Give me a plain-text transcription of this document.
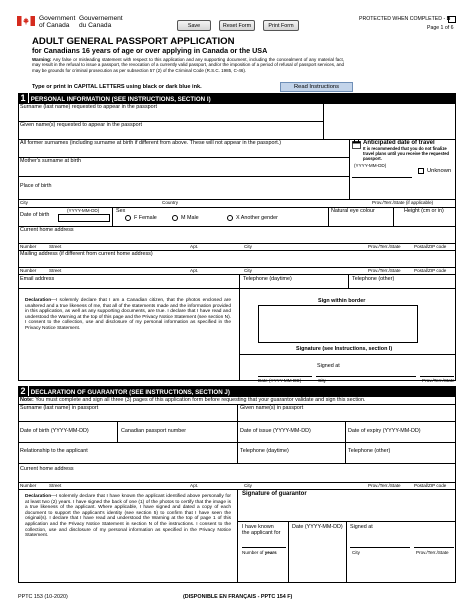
Government
of Canada
Gouvernement
du Canada	Save	Reset Form	Print Form
PROTECTED WHEN COMPLETED - B
Page 1 of 6
ADULT GENERAL PASSPORT APPLICATION
for Canadians 16 years of age or over applying in Canada or the USA
Warning: Any false or misleading statement with respect to this application and any supporting document, including the concealment of any material fact, may result in the refusal to issue a passport, the revocation of a currently valid passport, and/or the imposition of a period of refusal of passport services, and may be grounds for criminal prosecution as per subsection 57 (2) of the Criminal Code (R.S.C. 1985, C-46).
Type or print in CAPITAL LETTERS using black or dark blue ink.	Read Instructions
1 PERSONAL INFORMATION (SEE INSTRUCTIONS, SECTION I)
Surname (last name) requested to appear in the passport
Given name(s) requested to appear in the passport
All former surnames (including surname at birth if different from above. These will not appear in the passport.)
Mother's surname at birth
Anticipated date of travel
It is recommended that you do not finalize travel plans until you receive the requested passport.
(YYYY-MM-DD)
Unknown
Place of birth
City	Country	Prov./Terr./State (if applicable)
(YYYY-MM-DD)
Date of birth
Sex
F Female	M Male	X Another gender
Natural eye colour	Height (cm or in)
Current home address
Number	Street	Apt.	City	Prov./Terr./State	Postal/ZIP code
Mailing address (if different from current home address)
Number	Street	Apt.	City	Prov./Terr./State	Postal/ZIP code
Telephone (daytime)	Telephone (other)
Email address
Declaration—I solemnly declare that I am a Canadian citizen, that the photos enclosed are unaltered and a true likeness of me, that all of the statements made and the information provided in this application, as well as any supporting documents, are true. I declare that I have read and understood the Warning at the top of this page and the Privacy Notice Statement (see section N). I consent to the collection, use and disclosure of my personal information as specified in the Privacy Notice Statement.
Sign within border
Signature (see Instructions, section I)
Signed at
Date (YYYY-MM-DD)	City	Prov./Terr./State
2 DECLARATION OF GUARANTOR (SEE INSTRUCTIONS, SECTION J)
Note: You must complete and sign all three (3) pages of this application form before requesting that your guarantor validate and sign this section.
Surname (last name) in passport	Given name(s) in passport
Date of birth (YYYY-MM-DD)	Canadian passport number	Date of issue (YYYY-MM-DD)	Date of expiry (YYYY-MM-DD)
Relationship to the applicant	Telephone (daytime)	Telephone (other)
Current home address
Number	Street	Apt.	City	Prov./Terr./State	Postal/ZIP code
Declaration—I solemnly declare that I have known the applicant identified above personally for at least two (2) years. I have signed the back of one (1) of the photos to certify that the image is a true likeness of the applicant. Where applicable, I have signed and dated a copy of each document to support the applicant's identity (see section 5) to confirm that I have seen the original(s). I declare that I have read and understood the Warning at the top of page 1 of this application and the Privacy Notice Statement in section N of the instructions. I consent to the collection, use and disclosure of my personal information as specified in the Privacy Notice Statement.
Signature of guarantor
I have known
the applicant for
Date (YYYY-MM-DD) Signed at
Number of years	City	Prov./Terr./State
PPTC 153 (10-2020)	(DISPONIBLE EN FRANÇAIS - PPTC 154 F)
